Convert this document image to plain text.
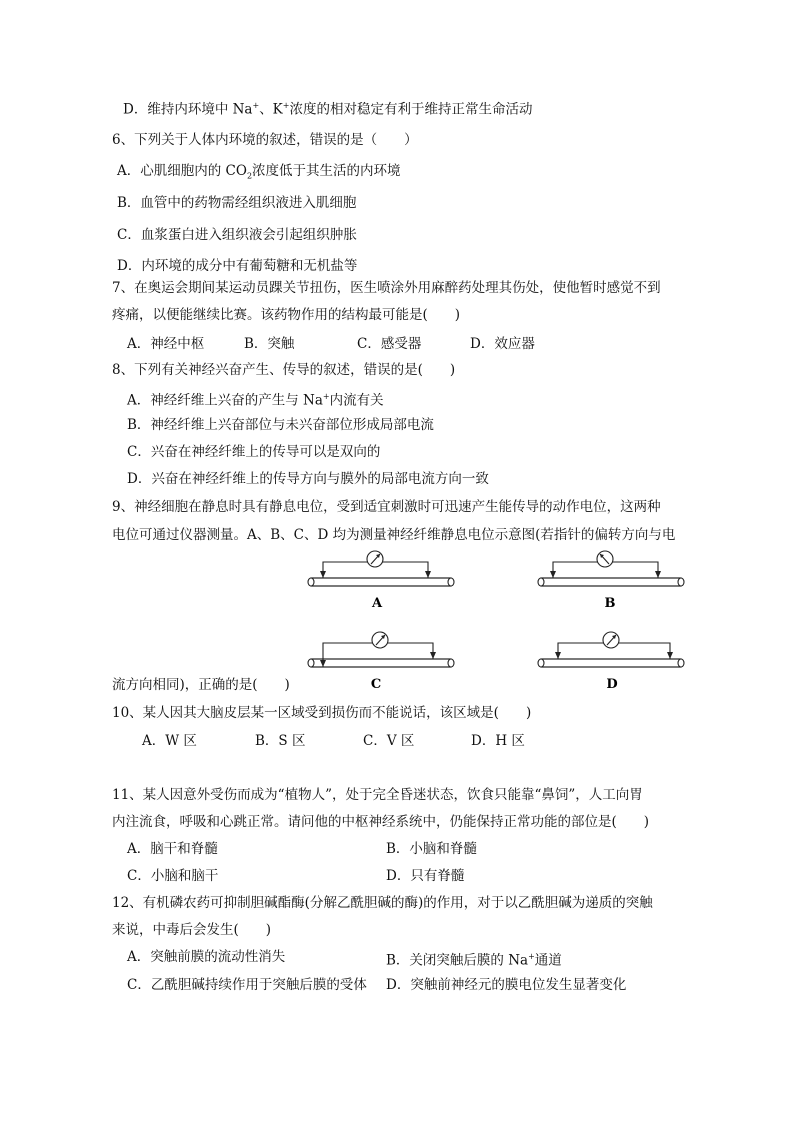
D．维持内环境中 Na+、K+浓度的相对稳定有利于维持正常生命活动
6、下列关于人体内环境的叙述，错误的是（　　）
A．心肌细胞内的 $CO_2$浓度低于其生活的内环境
B．血管中的药物需经组织液进入肌细胞
C．血浆蛋白进入组织液会引起组织肿胀
D．内环境的成分中有葡萄糖和无机盐等
7、在奥运会期间某运动员踝关节扭伤，医生喷涂外用麻醉药处理其伤处，使他暂时感觉不到
疼痛，以便能继续比赛。该药物作用的结构最可能是(　　)
A．神经中枢	B．突触	C．感受器	D．效应器
8、下列有关神经兴奋产生、传导的叙述，错误的是(　　)
A．神经纤维上兴奋的产生与 Na+内流有关
B．神经纤维上兴奋部位与未兴奋部位形成局部电流
C．兴奋在神经纤维上的传导可以是双向的
D．兴奋在神经纤维上的传导方向与膜外的局部电流方向一致
9、神经细胞在静息时具有静息电位，受到适宜刺激时可迅速产生能传导的动作电位，这两种
电位可通过仪器测量。A、B、C、D 均为测量神经纤维静息电位示意图(若指针的偏转方向与电
A	B
C	D
流方向相同)，正确的是(　　)
10、某人因其大脑皮层某一区域受到损伤而不能说话，该区域是(　　)
A．W 区	B．S 区	C．V 区	D．H 区
11、某人因意外受伤而成为“植物人”，处于完全昏迷状态，饮食只能靠“鼻饲”，人工向胃
内注流食，呼吸和心跳正常。请问他的中枢神经系统中，仍能保持正常功能的部位是(　　)
A．脑干和脊髓	B．小脑和脊髓
C．小脑和脑干	D．只有脊髓
12、有机磷农药可抑制胆碱酯酶(分解乙酰胆碱的酶)的作用，对于以乙酰胆碱为递质的突触
来说，中毒后会发生(　　)
A．突触前膜的流动性消失	B．关闭突触后膜的 Na+通道
C．乙酰胆碱持续作用于突触后膜的受体 D．突触前神经元的膜电位发生显著变化
